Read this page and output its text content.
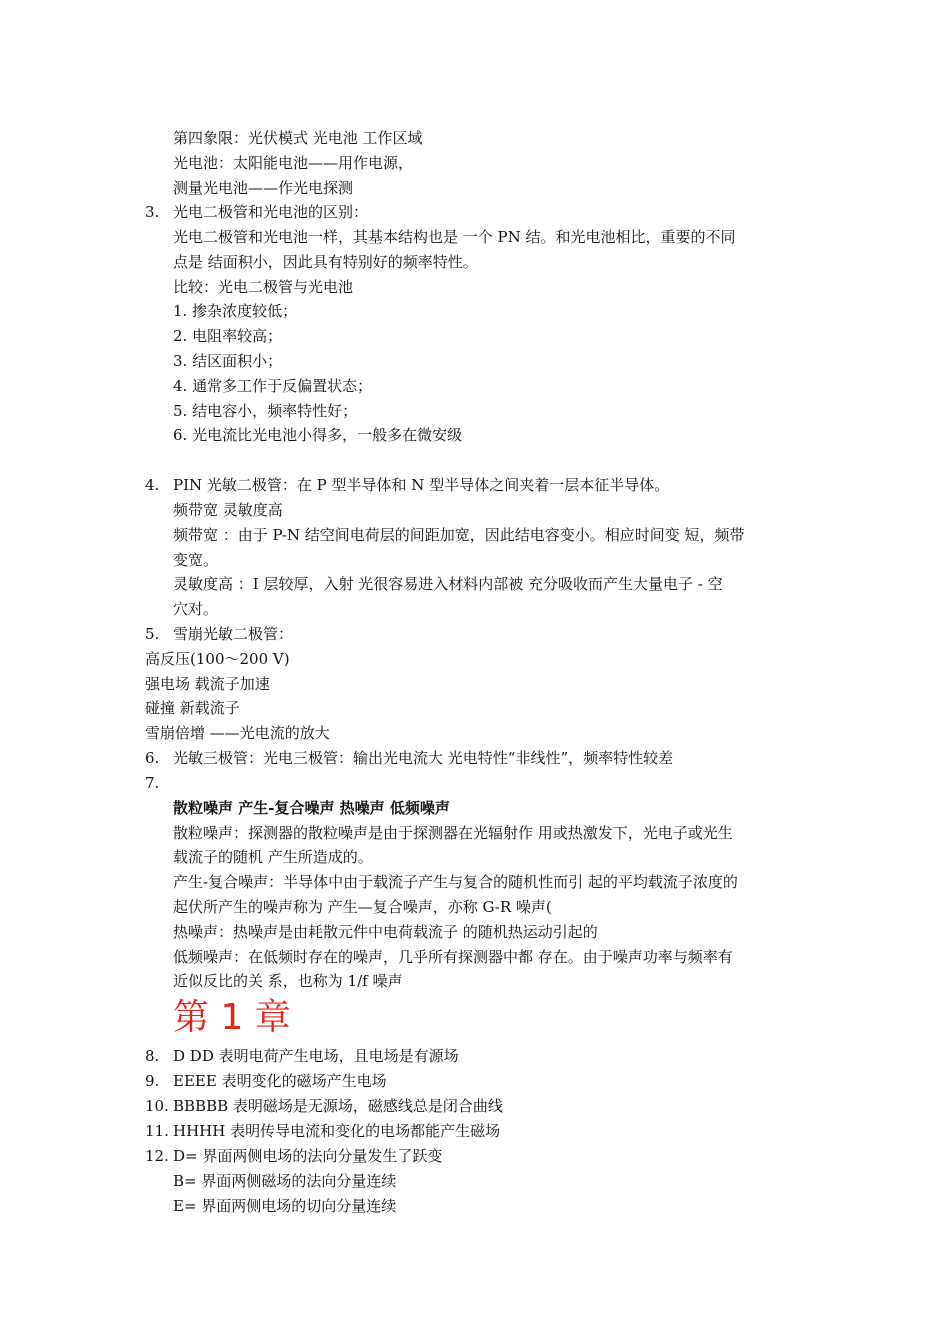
第四象限：光伏模式 光电池 工作区域
光电池：太阳能电池——用作电源，
测量光电池——作光电探测
3. 光电二极管和光电池的区别：
光电二极管和光电池一样，其基本结构也是 一个 PN 结。和光电池相比，重要的不同
点是 结面积小，因此具有特别好的频率特性。
比较：光电二极管与光电池
1. 掺杂浓度较低；
2. 电阻率较高；
3. 结区面积小；
4. 通常多工作于反偏置状态；
5. 结电容小，频率特性好；
6. 光电流比光电池小得多，一般多在微安级
4. PIN 光敏二极管：在 P 型半导体和 N 型半导体之间夹着一层本征半导体。
频带宽 灵敏度高
频带宽 ：由于 P-N 结空间电荷层的间距加宽，因此结电容变小。相应时间变 短，频带
变宽。
灵敏度高 ：I 层较厚，入射 光很容易进入材料内部被 充分吸收而产生大量电子 - 空
穴对。
5. 雪崩光敏二极管：
高反压(100～200 V)
强电场 载流子加速
碰撞 新载流子
雪崩倍增 ——光电流的放大
6. 光敏三极管：光电三极管：输出光电流大 光电特性“非线性”，频率特性较差
7.
散粒噪声 产生-复合噪声 热噪声 低频噪声
散粒噪声：探测器的散粒噪声是由于探测器在光辐射作 用或热激发下，光电子或光生
载流子的随机 产生所造成的。
产生-复合噪声：半导体中由于载流子产生与复合的随机性而引 起的平均载流子浓度的
起伏所产生的噪声称为 产生—复合噪声，亦称 G-R 噪声(
热噪声：热噪声是由耗散元件中电荷载流子 的随机热运动引起的
低频噪声：在低频时存在的噪声，几乎所有探测器中都 存在。由于噪声功率与频率有
近似反比的关 系，也称为 1/f 噪声
第 1 章
8. D DD 表明电荷产生电场，且电场是有源场
9. EEEE 表明变化的磁场产生电场
10. BBBBB 表明磁场是无源场，磁感线总是闭合曲线
11. HHHH 表明传导电流和变化的电场都能产生磁场
12. D= 界面两侧电场的法向分量发生了跃变
B= 界面两侧磁场的法向分量连续
E= 界面两侧电场的切向分量连续
